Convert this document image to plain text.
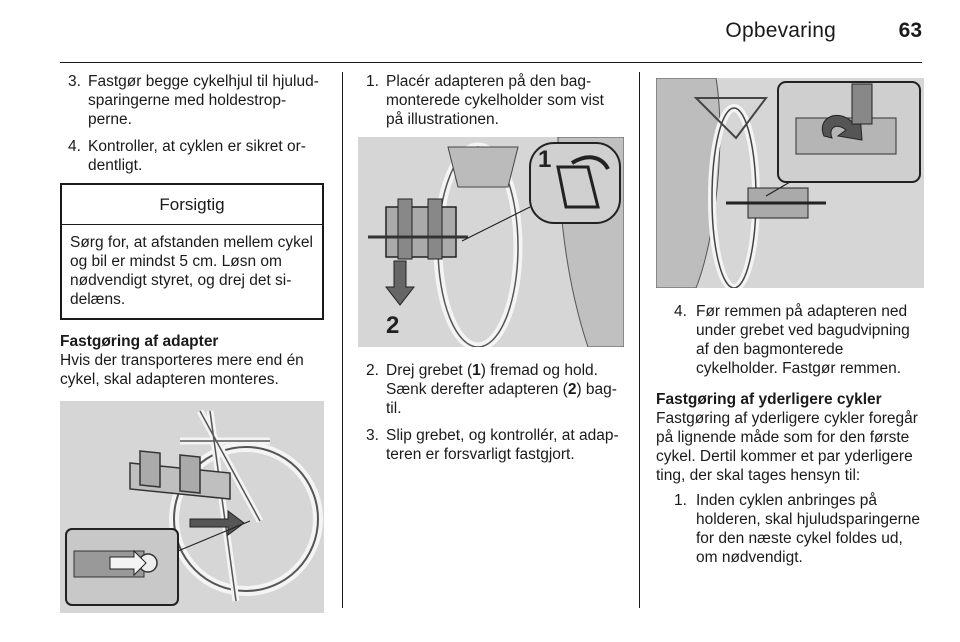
Opbevaring	63
3. Fastgør begge cykelhjul til hjuludsparingerne med holdestropperne.
4. Kontroller, at cyklen er sikret ordentligt.
Forsigtig
Sørg for, at afstanden mellem cykel og bil er mindst 5 cm. Løsn om nødvendigt styret, og drej det sidelæns.
Fastgøring af adapter
Hvis der transporteres mere end én cykel, skal adapteren monteres.
1. Placér adapteren på den bagmonterede cykelholder som vist på illustrationen.
2
1
2. Drej grebet (1) fremad og hold. Sænk derefter adapteren (2) bagtil.
3. Slip grebet, og kontrollér, at adapteren er forsvarligt fastgjort.
4. Før remmen på adapteren ned under grebet ved bagudvipning af den bagmonterede cykelholder. Fastgør remmen.
Fastgøring af yderligere cykler
Fastgøring af yderligere cykler foregår på lignende måde som for den første cykel. Dertil kommer et par yderligere ting, der skal tages hensyn til:
1. Inden cyklen anbringes på holderen, skal hjuludsparingerne for den næste cykel foldes ud, om nødvendigt.
